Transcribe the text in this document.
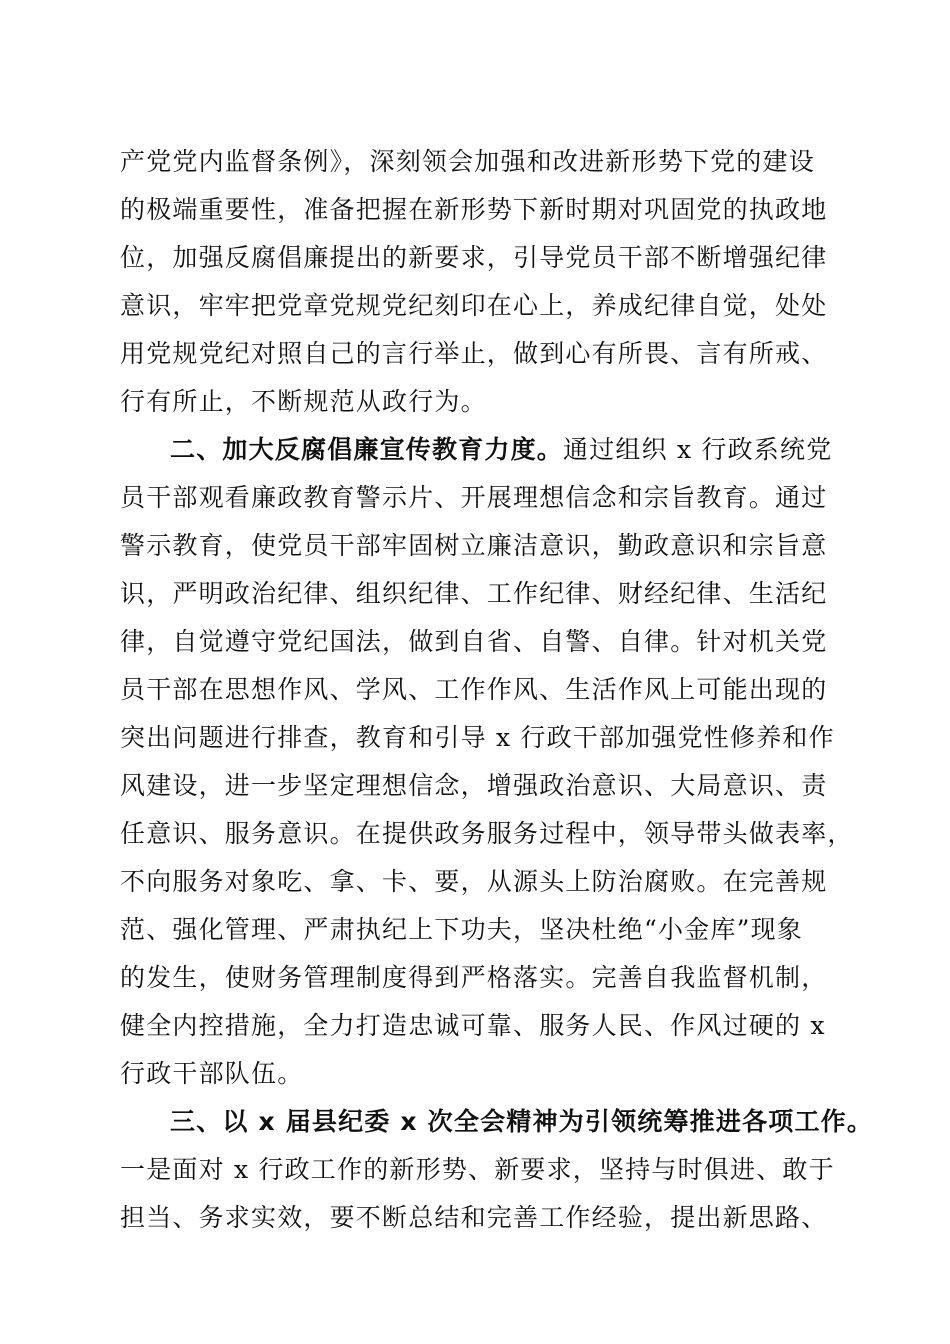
产党党内监督条例》，深刻领会加强和改进新形势下党的建设
的极端重要性，准备把握在新形势下新时期对巩固党的执政地
位，加强反腐倡廉提出的新要求，引导党员干部不断增强纪律
意识，牢牢把党章党规党纪刻印在心上，养成纪律自觉，处处
用党规党纪对照自己的言行举止，做到心有所畏、言有所戒、
行有所止，不断规范从政行为。
二、加大反腐倡廉宣传教育力度。通过组织 x 行政系统党
员干部观看廉政教育警示片、开展理想信念和宗旨教育。通过
警示教育，使党员干部牢固树立廉洁意识，勤政意识和宗旨意
识，严明政治纪律、组织纪律、工作纪律、财经纪律、生活纪
律，自觉遵守党纪国法，做到自省、自警、自律。针对机关党
员干部在思想作风、学风、工作作风、生活作风上可能出现的
突出问题进行排查，教育和引导 x 行政干部加强党性修养和作
风建设，进一步坚定理想信念，增强政治意识、大局意识、责
任意识、服务意识。在提供政务服务过程中，领导带头做表率，
不向服务对象吃、拿、卡、要，从源头上防治腐败。在完善规
范、强化管理、严肃执纪上下功夫，坚决杜绝“小金库”现象
的发生，使财务管理制度得到严格落实。完善自我监督机制，
健全内控措施，全力打造忠诚可靠、服务人民、作风过硬的 x
行政干部队伍。
三、以 x 届县纪委 x 次全会精神为引领统筹推进各项工作。
一是面对 x 行政工作的新形势、新要求，坚持与时俱进、敢于
担当、务求实效，要不断总结和完善工作经验，提出新思路、
